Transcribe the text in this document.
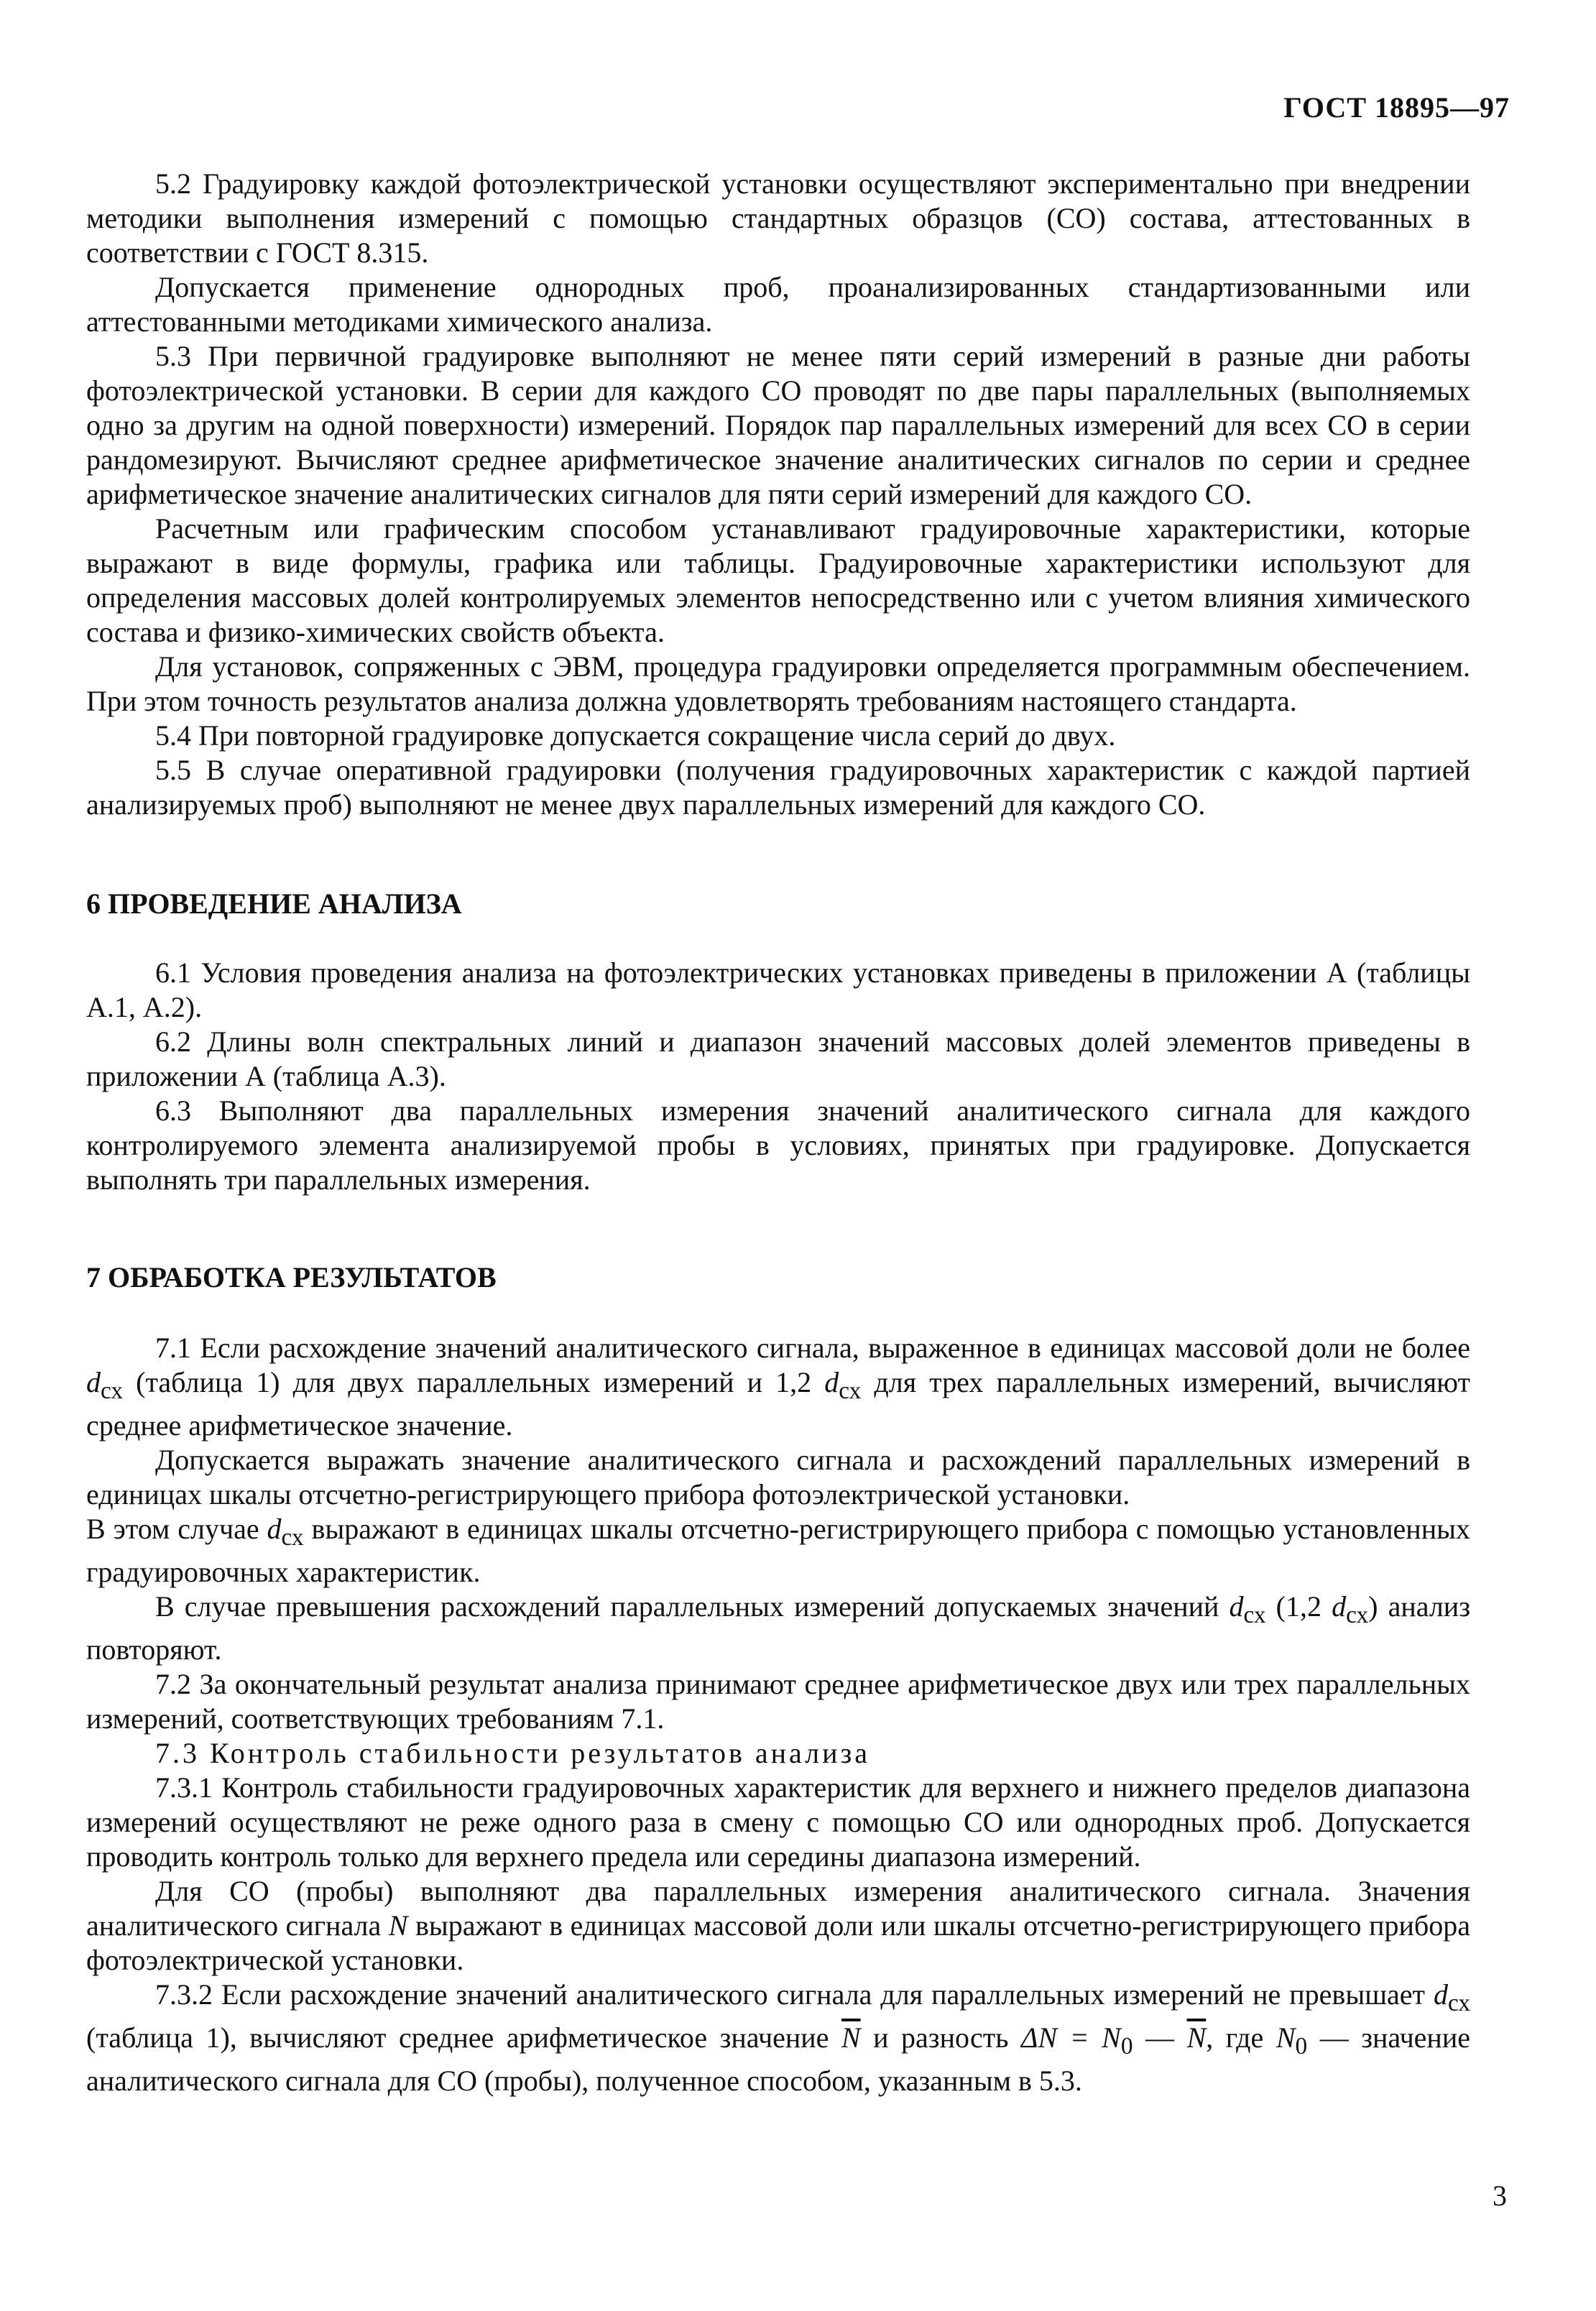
ГОСТ 18895—97

5.2 Градуировку каждой фотоэлектрической установки осуществляют экспериментально при внедрении методики выполнения измерений с помощью стандартных образцов (СО) состава, аттестованных в соответствии с ГОСТ 8.315.

Допускается применение однородных проб, проанализированных стандартизованными или аттестованными методиками химического анализа.

5.3 При первичной градуировке выполняют не менее пяти серий измерений в разные дни работы фотоэлектрической установки. В серии для каждого СО проводят по две пары параллельных (выполняемых одно за другим на одной поверхности) измерений. Порядок пар параллельных измерений для всех СО в серии рандомезируют. Вычисляют среднее арифметическое значение аналитических сигналов по серии и среднее арифметическое значение аналитических сигналов для пяти серий измерений для каждого СО.

Расчетным или графическим способом устанавливают градуировочные характеристики, которые выражают в виде формулы, графика или таблицы. Градуировочные характеристики используют для определения массовых долей контролируемых элементов непосредственно или с учетом влияния химического состава и физико-химических свойств объекта.

Для установок, сопряженных с ЭВМ, процедура градуировки определяется программным обеспечением. При этом точность результатов анализа должна удовлетворять требованиям настоящего стандарта.

5.4 При повторной градуировке допускается сокращение числа серий до двух.

5.5 В случае оперативной градуировки (получения градуировочных характеристик с каждой партией анализируемых проб) выполняют не менее двух параллельных измерений для каждого СО.

6 ПРОВЕДЕНИЕ АНАЛИЗА

6.1 Условия проведения анализа на фотоэлектрических установках приведены в приложении А (таблицы А.1, А.2).

6.2 Длины волн спектральных линий и диапазон значений массовых долей элементов приведены в приложении А (таблица А.3).

6.3 Выполняют два параллельных измерения значений аналитического сигнала для каждого контролируемого элемента анализируемой пробы в условиях, принятых при градуировке. Допускается выполнять три параллельных измерения.

7 ОБРАБОТКА РЕЗУЛЬТАТОВ

7.1 Если расхождение значений аналитического сигнала, выраженное в единицах массовой доли не более $d_{сх}$ (таблица 1) для двух параллельных измерений и 1,2 $d_{сх}$ для трех параллельных измерений, вычисляют среднее арифметическое значение.

Допускается выражать значение аналитического сигнала и расхождений параллельных измерений в единицах шкалы отсчетно-регистрирующего прибора фотоэлектрической установки.

В этом случае $d_{сх}$ выражают в единицах шкалы отсчетно-регистрирующего прибора с помощью установленных градуировочных характеристик.

В случае превышения расхождений параллельных измерений допускаемых значений $d_{сх}$ (1,2 $d_{сх}$) анализ повторяют.

7.2 За окончательный результат анализа принимают среднее арифметическое двух или трех параллельных измерений, соответствующих требованиям 7.1.

7.3 Контроль стабильности результатов анализа

7.3.1 Контроль стабильности градуировочных характеристик для верхнего и нижнего пределов диапазона измерений осуществляют не реже одного раза в смену с помощью СО или однородных проб. Допускается проводить контроль только для верхнего предела или середины диапазона измерений.

Для СО (пробы) выполняют два параллельных измерения аналитического сигнала. Значения аналитического сигнала N выражают в единицах массовой доли или шкалы отсчетно-регистрирующего прибора фотоэлектрической установки.

7.3.2 Если расхождение значений аналитического сигнала для параллельных измерений не превышает $d_{сх}$ (таблица 1), вычисляют среднее арифметическое значение $\overline{N}$ и разность $\Delta N = N_0$ — $\overline{N}$, где $N_0$ — значение аналитического сигнала для СО (пробы), полученное способом, указанным в 5.3.

3
